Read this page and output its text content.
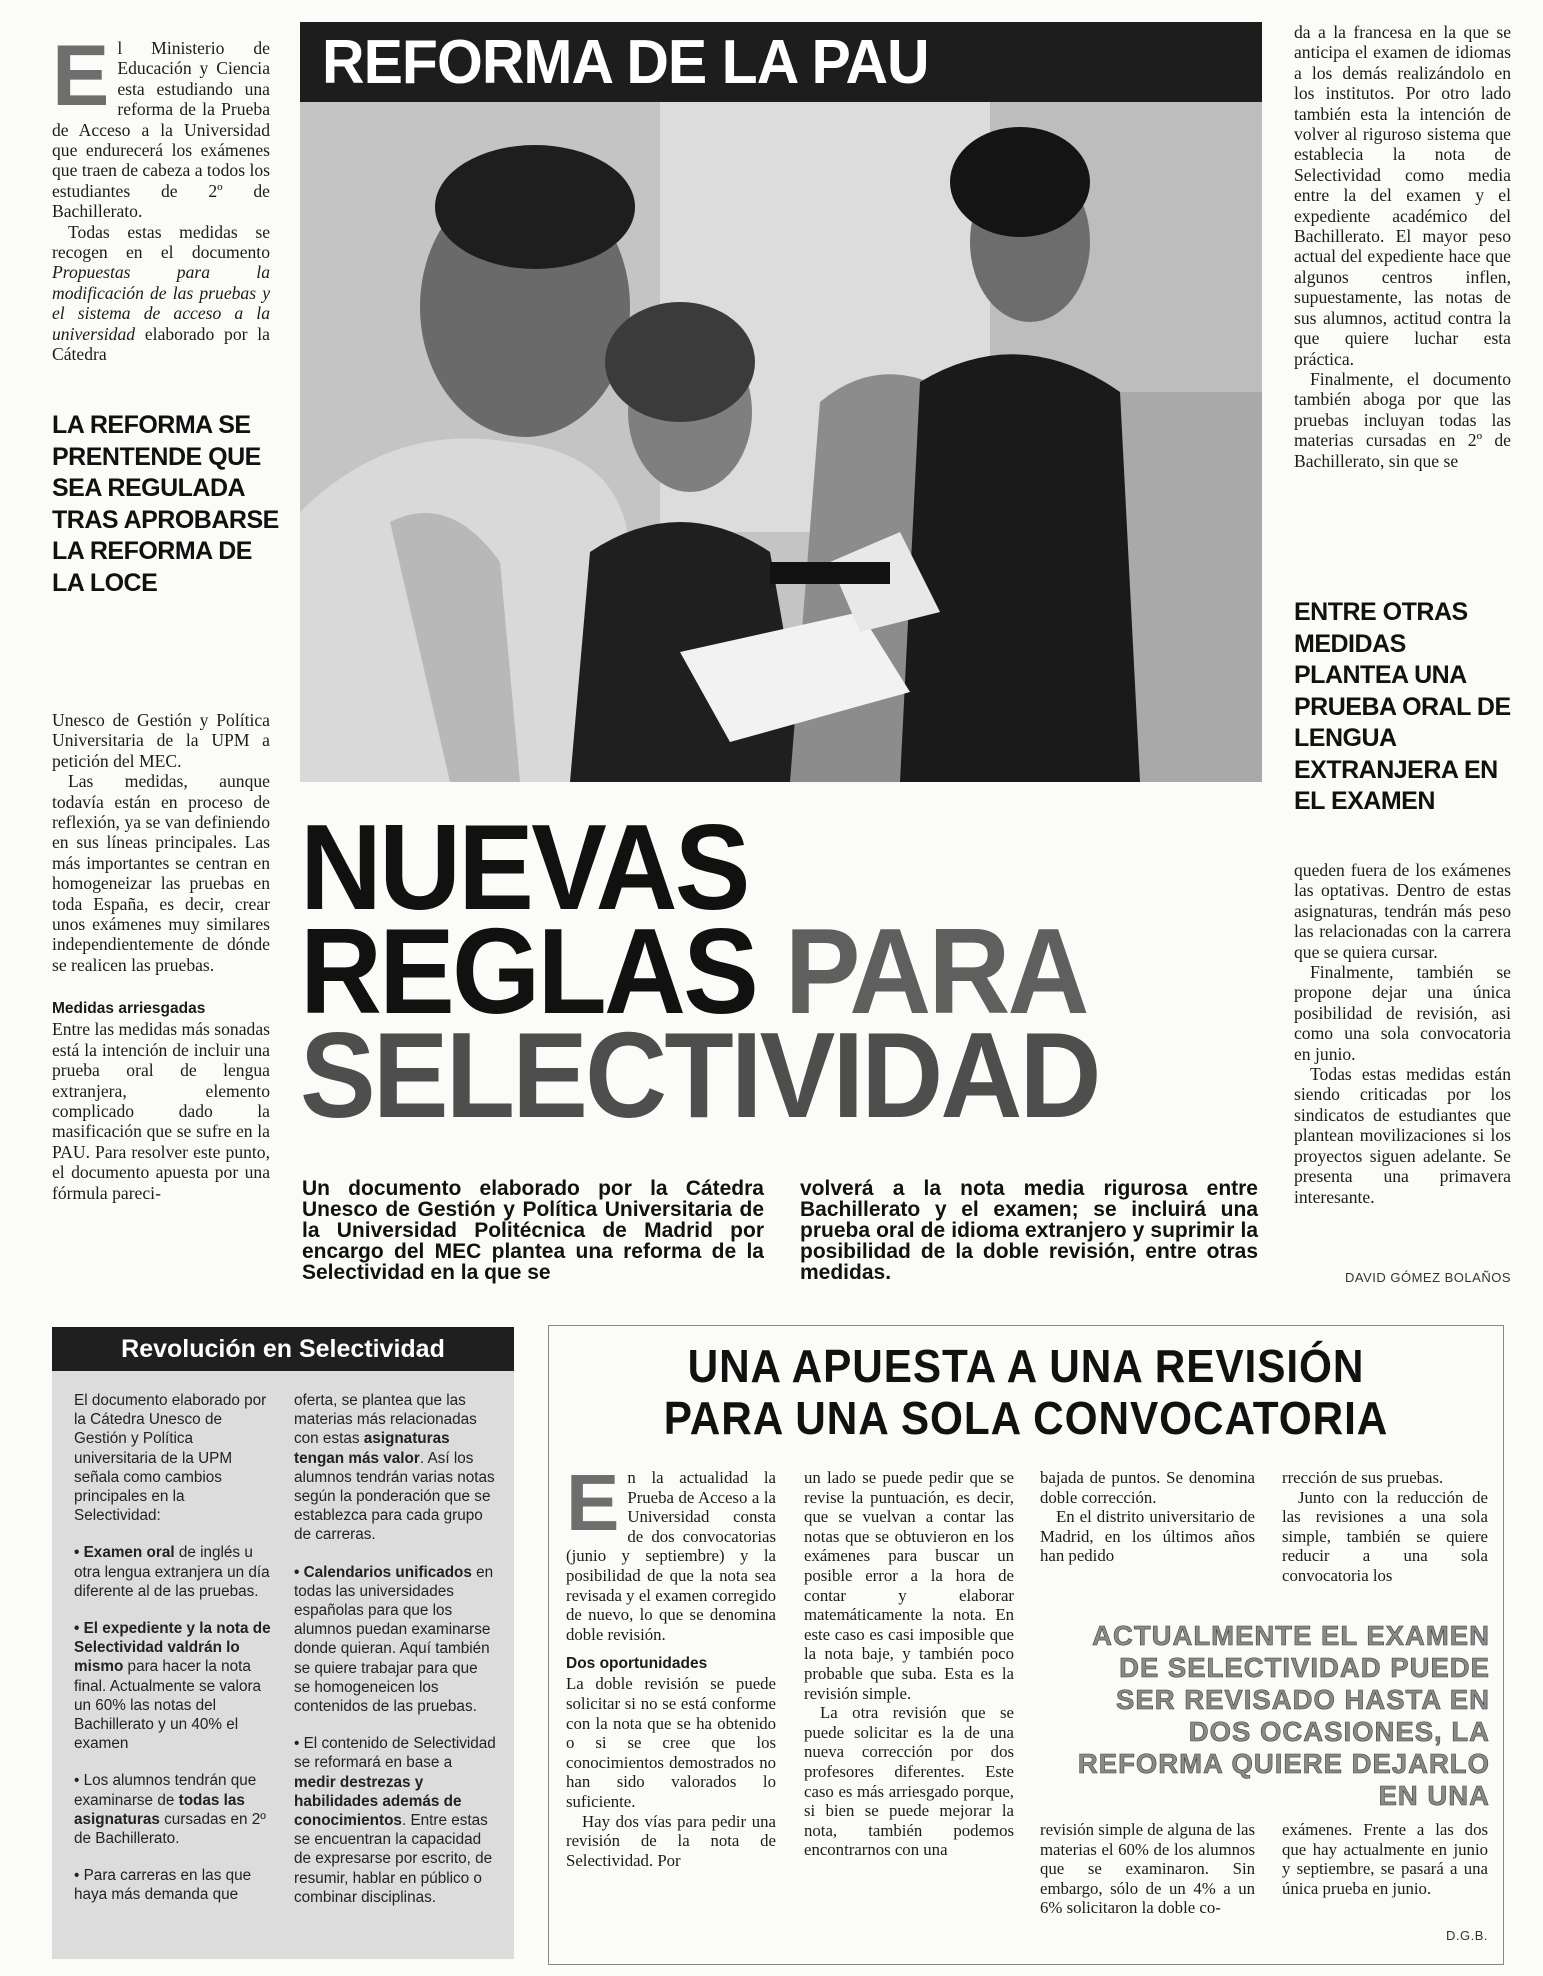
El Ministerio de Educación y Ciencia esta estudiando una reforma de la Prueba de Acceso a la Universidad que endurecerá los exámenes que traen de cabeza a todos los estudiantes de 2º de Bachillerato.

Todas estas medidas se recogen en el documento Propuestas para la modificación de las pruebas y el sistema de acceso a la universidad elaborado por la Cátedra

LA REFORMA SE PRENTENDE QUE SEA REGULADA TRAS APROBARSE LA REFORMA DE LA LOCE

Unesco de Gestión y Política Universitaria de la UPM a petición del MEC.

Las medidas, aunque todavía están en proceso de reflexión, ya se van definiendo en sus líneas principales. Las más importantes se centran en homogeneizar las pruebas en toda España, es decir, crear unos exámenes muy similares independientemente de dónde se realicen las pruebas.

Medidas arriesgadas

Entre las medidas más sonadas está la intención de incluir una prueba oral de lengua extranjera, elemento complicado dado la masificación que se sufre en la PAU. Para resolver este punto, el documento apuesta por una fórmula pareci-

REFORMA DE LA PAU	da a la francesa en la que se anticipa el examen de idiomas a los demás realizándolo en los institutos. Por otro lado también esta la intención de volver al riguroso sistema que establecia la nota de Selectividad como media entre la del examen y el expediente académico del Bachillerato. El mayor peso actual del expediente hace que algunos centros inflen, supuestamente, las notas de sus alumnos, actitud contra la que quiere luchar esta práctica.

Finalmente, el documento también aboga por que las pruebas incluyan todas las materias cursadas en 2º de Bachillerato, sin que se

ENTRE OTRAS MEDIDAS PLANTEA UNA PRUEBA ORAL DE LENGUA EXTRANJERA EN EL EXAMEN

queden fuera de los exámenes las optativas. Dentro de estas asignaturas, tendrán más peso las relacionadas con la carrera que se quiera cursar.

Finalmente, también se propone dejar una única posibilidad de revisión, asi como una sola convocatoria en junio.

Todas estas medidas están siendo criticadas por los sindicatos de estudiantes que plantean movilizaciones si los proyectos siguen adelante. Se presenta una primavera interesante.

DAVID GÓMEZ BOLAÑOS
NUEVAS
REGLAS PARA
SELECTIVIDAD
Un documento elaborado por la Cátedra Unesco de Gestión y Política Universitaria de la Universidad Politécnica de Madrid por encargo del MEC plantea una reforma de la Selectividad en la que se
volverá a la nota media rigurosa entre Bachillerato y el examen; se incluirá una prueba oral de idioma extranjero y suprimir la posibilidad de la doble revisión, entre otras medidas.
Revolución en Selectividad

El documento elaborado por la Cátedra Unesco de Gestión y Política universitaria de la UPM señala como cambios principales en la Selectividad:

• Examen oral de inglés u otra lengua extranjera un día diferente al de las pruebas.

• El expediente y la nota de Selectividad valdrán lo mismo para hacer la nota final. Actualmente se valora un 60% las notas del Bachillerato y un 40% el examen

• Los alumnos tendrán que examinarse de todas las asignaturas cursadas en 2º de Bachillerato.

• Para carreras en las que haya más demanda que

oferta, se plantea que las materias más relacionadas con estas asignaturas tengan más valor. Así los alumnos tendrán varias notas según la ponderación que se establezca para cada grupo de carreras.

• Calendarios unificados en todas las universidades españolas para que los alumnos puedan examinarse donde quieran. Aquí también se quiere trabajar para que se homogeneicen los contenidos de las pruebas.

• El contenido de Selectividad se reformará en base a medir destrezas y habilidades además de conocimientos. Entre estas se encuentran la capacidad de expresarse por escrito, de resumir, hablar en público o combinar disciplinas.

UNA APUESTA A UNA REVISIÓN
PARA UNA SOLA CONVOCATORIA

En la actualidad la Prueba de Acceso a la Universidad consta de dos convocatorias (junio y septiembre) y la posibilidad de que la nota sea revisada y el examen corregido de nuevo, lo que se denomina doble revisión.

Dos oportunidades

La doble revisión se puede solicitar si no se está conforme con la nota que se ha obtenido o si se cree que los conocimientos demostrados no han sido valorados lo suficiente.

Hay dos vías para pedir una revisión de la nota de Selectividad. Por

un lado se puede pedir que se revise la puntuación, es decir, que se vuelvan a contar las notas que se obtuvieron en los exámenes para buscar un posible error a la hora de contar y elaborar matemáticamente la nota. En este caso es casi imposible que la nota baje, y también poco probable que suba. Esta es la revisión simple.

La otra revisión que se puede solicitar es la de una nueva corrección por dos profesores diferentes. Este caso es más arriesgado porque, si bien se puede mejorar la nota, también podemos encontrarnos con una

bajada de puntos. Se denomina doble corrección.

En el distrito universitario de Madrid, en los últimos años han pedido

rrección de sus pruebas.

Junto con la reducción de las revisiones a una sola simple, también se quiere reducir a una sola convocatoria los

ACTUALMENTE EL EXAMEN DE SELECTIVIDAD PUEDE SER REVISADO HASTA EN DOS OCASIONES, LA REFORMA QUIERE DEJARLO EN UNA

revisión simple de alguna de las materias el 60% de los alumnos que se examinaron. Sin embargo, sólo de un 4% a un 6% solicitaron la doble co-

exámenes. Frente a las dos que hay actualmente en junio y septiembre, se pasará a una única prueba en junio.

D.G.B.
